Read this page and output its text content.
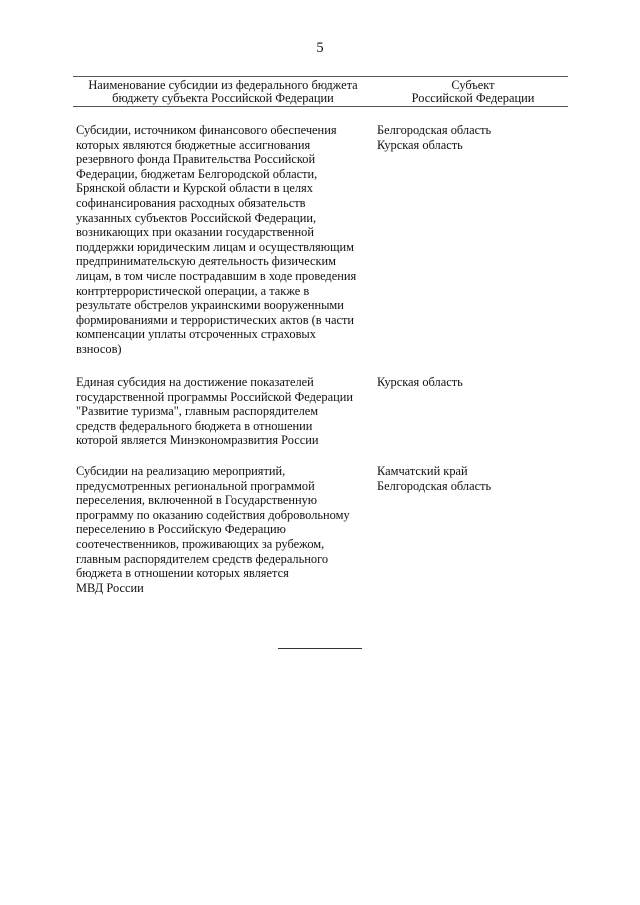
5
Наименование субсидии из федерального бюджета
бюджету субъекта Российской Федерации
Субъект
Российской Федерации
Субсидии, источником финансового обеспечения
которых являются бюджетные ассигнования
резервного фонда Правительства Российской
Федерации, бюджетам Белгородской области,
Брянской области и Курской области в целях
софинансирования расходных обязательств
указанных субъектов Российской Федерации,
возникающих при оказании государственной
поддержки юридическим лицам и осуществляющим
предпринимательскую деятельность физическим
лицам, в том числе пострадавшим в ходе проведения
контртеррористической операции, а также в
результате обстрелов украинскими вооруженными
формированиями и террористических актов (в части
компенсации уплаты отсроченных страховых
взносов)
Белгородская область
Курская область
Единая субсидия на достижение показателей
государственной программы Российской Федерации
"Развитие туризма", главным распорядителем
средств федерального бюджета в отношении
которой является Минэкономразвития России
Курская область
Субсидии на реализацию мероприятий,
предусмотренных региональной программой
переселения, включенной в Государственную
программу по оказанию содействия добровольному
переселению в Российскую Федерацию
соотечественников, проживающих за рубежом,
главным распорядителем средств федерального
бюджета в отношении которых является
МВД России
Камчатский край
Белгородская область
